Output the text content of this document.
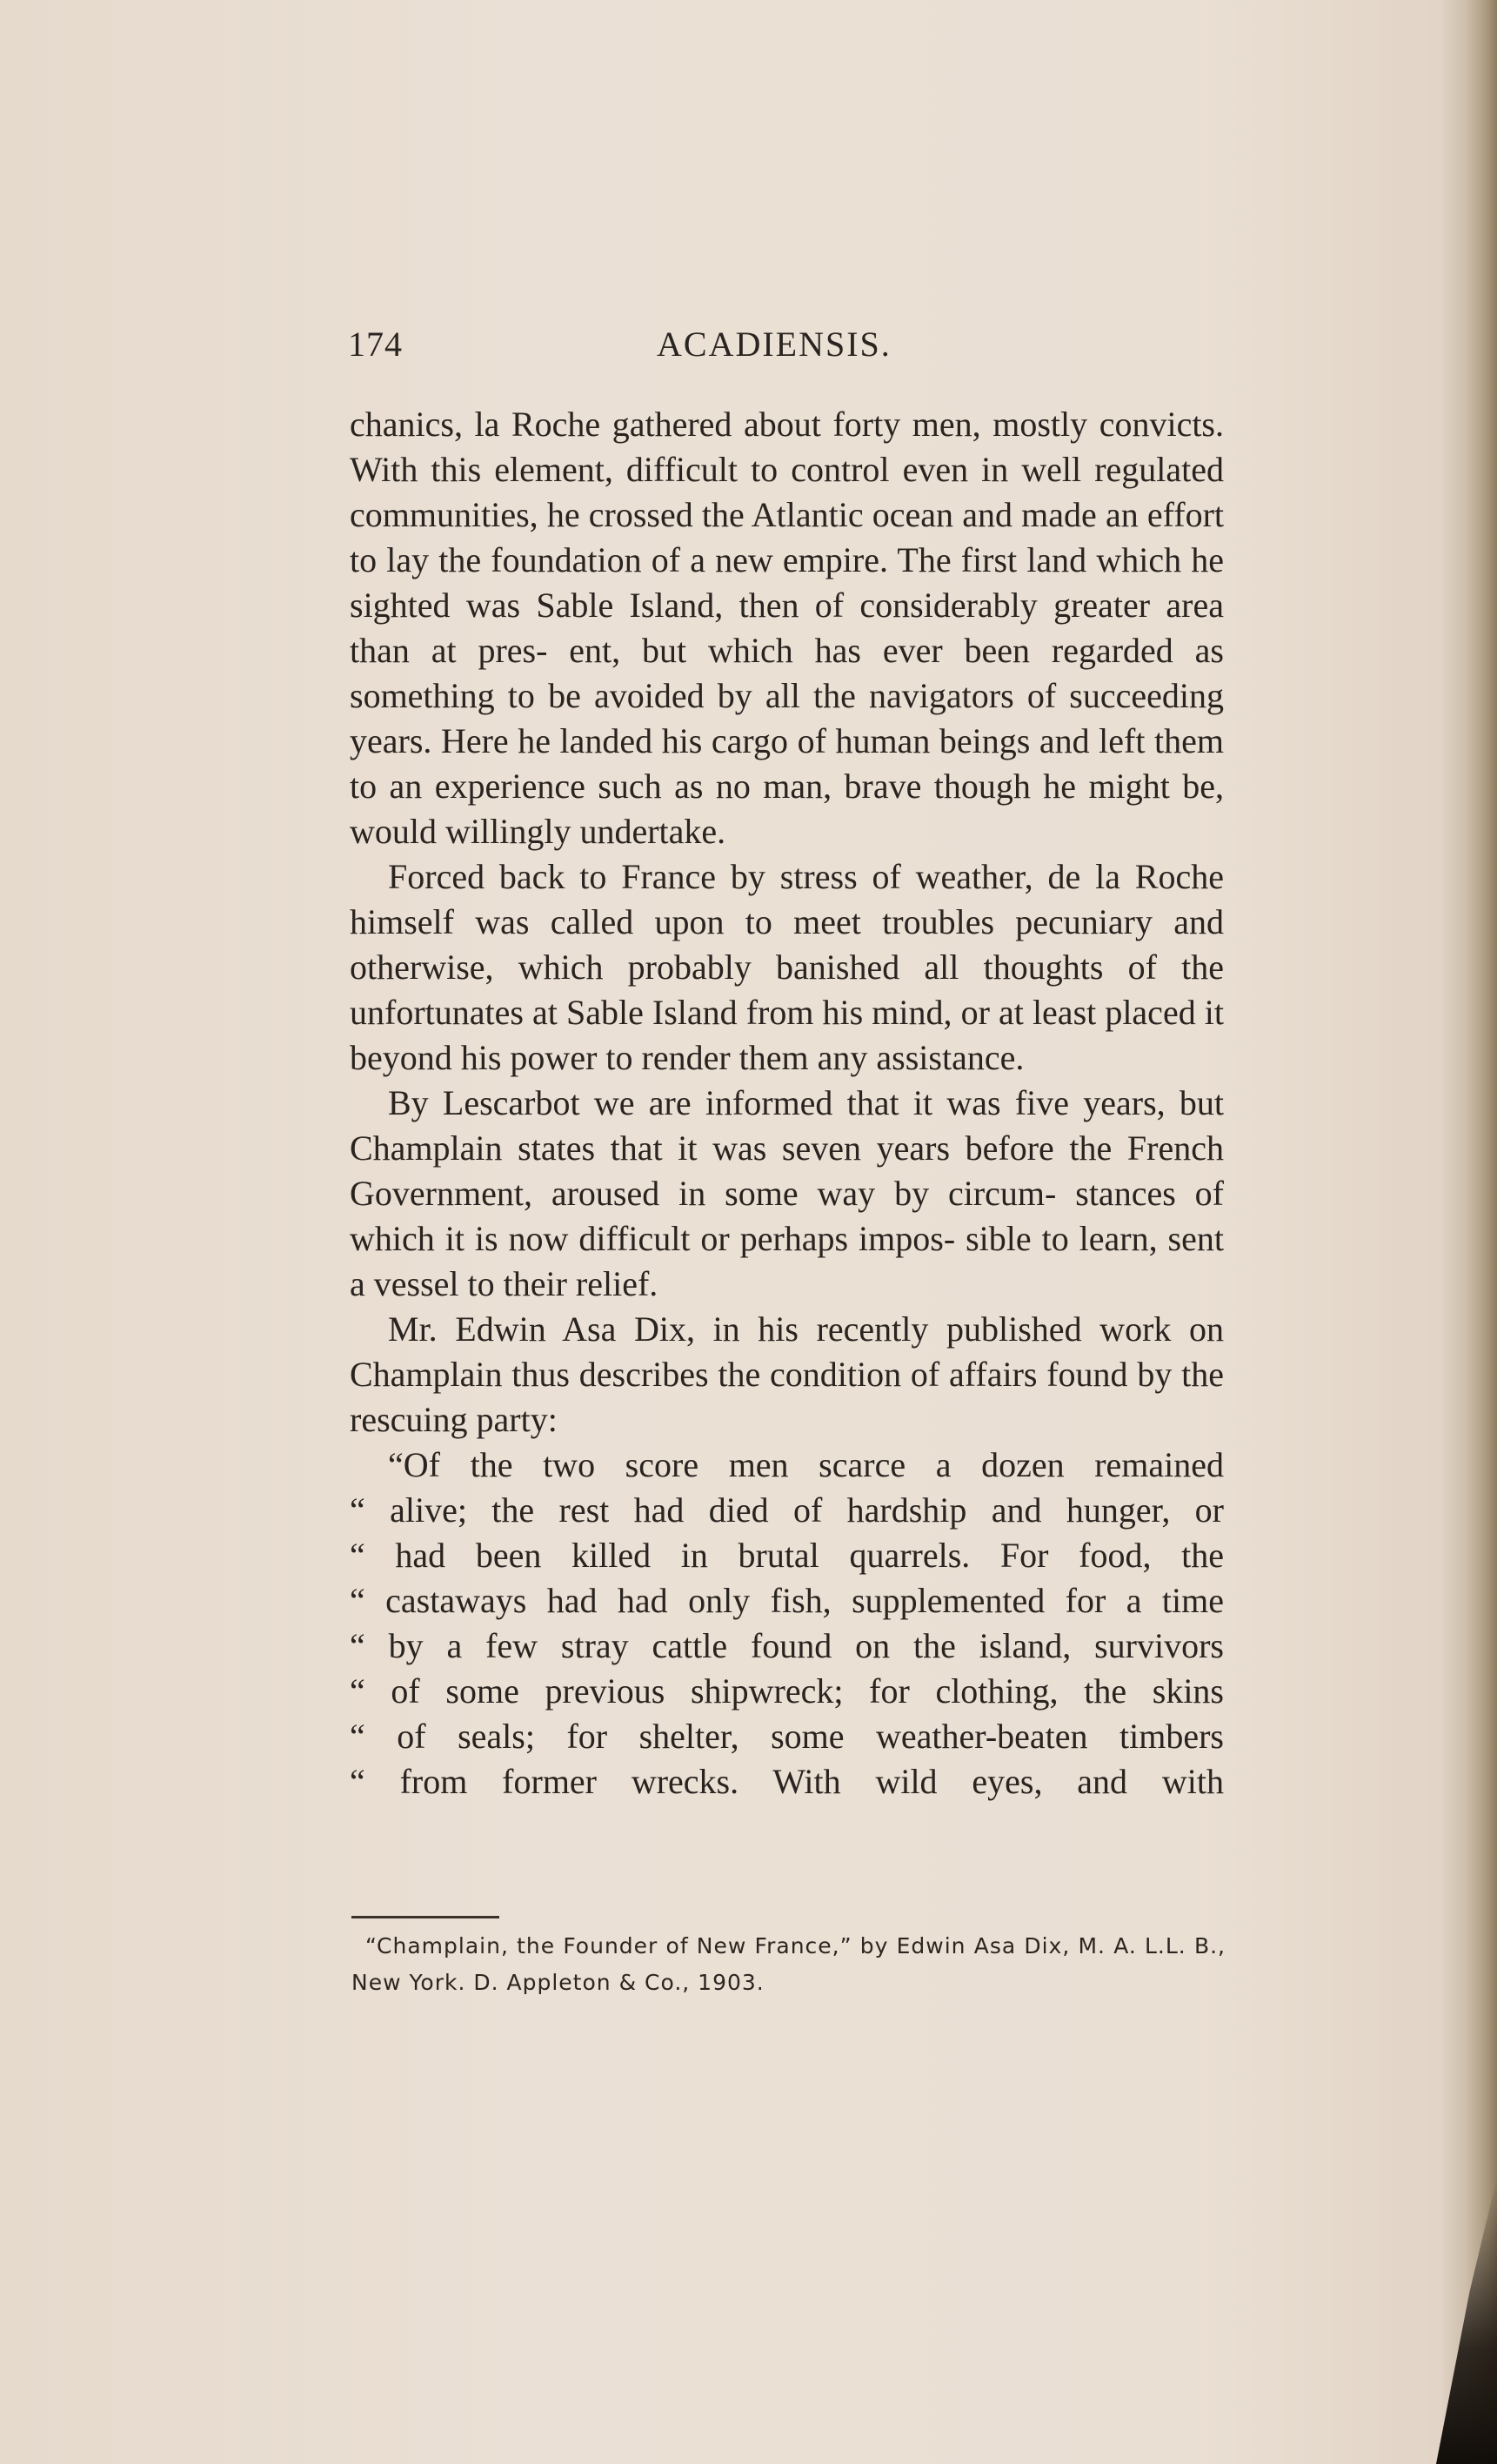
174	ACADIENSIS.

chanics, la Roche gathered about forty men, mostly convicts. With this element, difficult to control even in well regulated communities, he crossed the Atlantic ocean and made an effort to lay the foundation of a new empire. The first land which he sighted was Sable Island, then of considerably greater area than at pres- ent, but which has ever been regarded as something to be avoided by all the navigators of succeeding years. Here he landed his cargo of human beings and left them to an experience such as no man, brave though he might be, would willingly undertake.

Forced back to France by stress of weather, de la Roche himself was called upon to meet troubles pecuniary and otherwise, which probably banished all thoughts of the unfortunates at Sable Island from his mind, or at least placed it beyond his power to render them any assistance.

By Lescarbot we are informed that it was five years, but Champlain states that it was seven years before the French Government, aroused in some way by circum- stances of which it is now difficult or perhaps impos- sible to learn, sent a vessel to their relief.

Mr. Edwin Asa Dix, in his recently published work on Champlain thus describes the condition of affairs found by the rescuing party:

“Of the two score men scarce a dozen remained

“ alive; the rest had died of hardship and hunger, or

“ had been killed in brutal quarrels. For food, the

“ castaways had had only fish, supplemented for a time

“ by a few stray cattle found on the island, survivors

“ of some previous shipwreck; for clothing, the skins

“ of seals; for shelter, some weather-beaten timbers

“ from former wrecks. With wild eyes, and with

“Champlain, the Founder of New France,” by Edwin Asa Dix, M. A. L.L. B., New York. D. Appleton & Co., 1903.
